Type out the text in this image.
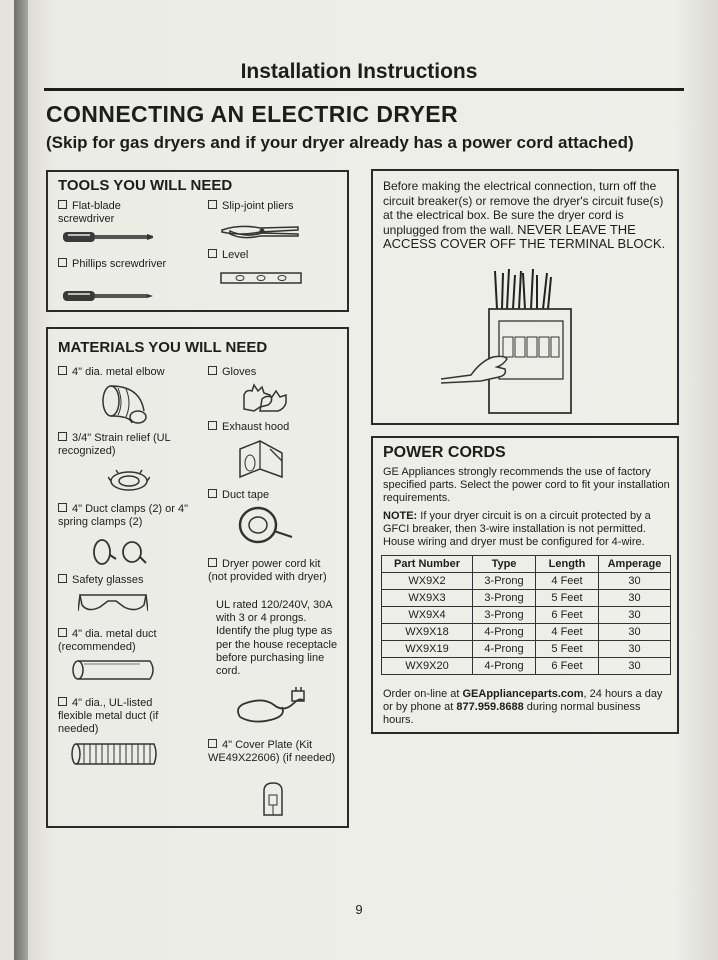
Installation Instructions
CONNECTING AN ELECTRIC DRYER
(Skip for gas dryers and if your dryer already has a power cord attached)
TOOLS YOU WILL NEED
Flat-blade screwdriver
Phillips screwdriver
Slip-joint pliers
Level
MATERIALS YOU WILL NEED
4" dia. metal elbow
3/4" Strain relief (UL recognized)
4" Duct clamps (2) or 4" spring clamps (2)
Safety glasses
4" dia. metal duct (recommended)
4" dia., UL-listed flexible metal duct (if needed)
Gloves
Exhaust hood
Duct tape
Dryer power cord kit (not provided with dryer)
UL rated 120/240V, 30A with 3 or 4 prongs. Identify the plug type as per the house receptacle before purchasing line cord.
4" Cover Plate (Kit WE49X22606) (if needed)
Before making the electrical connection, turn off the circuit breaker(s) or remove the dryer's circuit fuse(s) at the electrical box. Be sure the dryer cord is unplugged from the wall. NEVER LEAVE THE ACCESS COVER OFF THE TERMINAL BLOCK.
POWER CORDS
GE Appliances strongly recommends the use of factory specified parts. Select the power cord to fit your installation requirements.
NOTE: If your dryer circuit is on a circuit protected by a GFCI breaker, then 3-wire installation is not permitted. House wiring and dryer must be configured for 4-wire.
Part Number	Type	Length	Amperage
WX9X2	3-Prong	4 Feet	30
WX9X3	3-Prong	5 Feet	30
WX9X4	3-Prong	6 Feet	30
WX9X18	4-Prong	4 Feet	30
WX9X19	4-Prong	5 Feet	30
WX9X20	4-Prong	6 Feet	30
Order on-line at GEApplianceparts.com, 24 hours a day or by phone at 877.959.8688 during normal business hours.
9
